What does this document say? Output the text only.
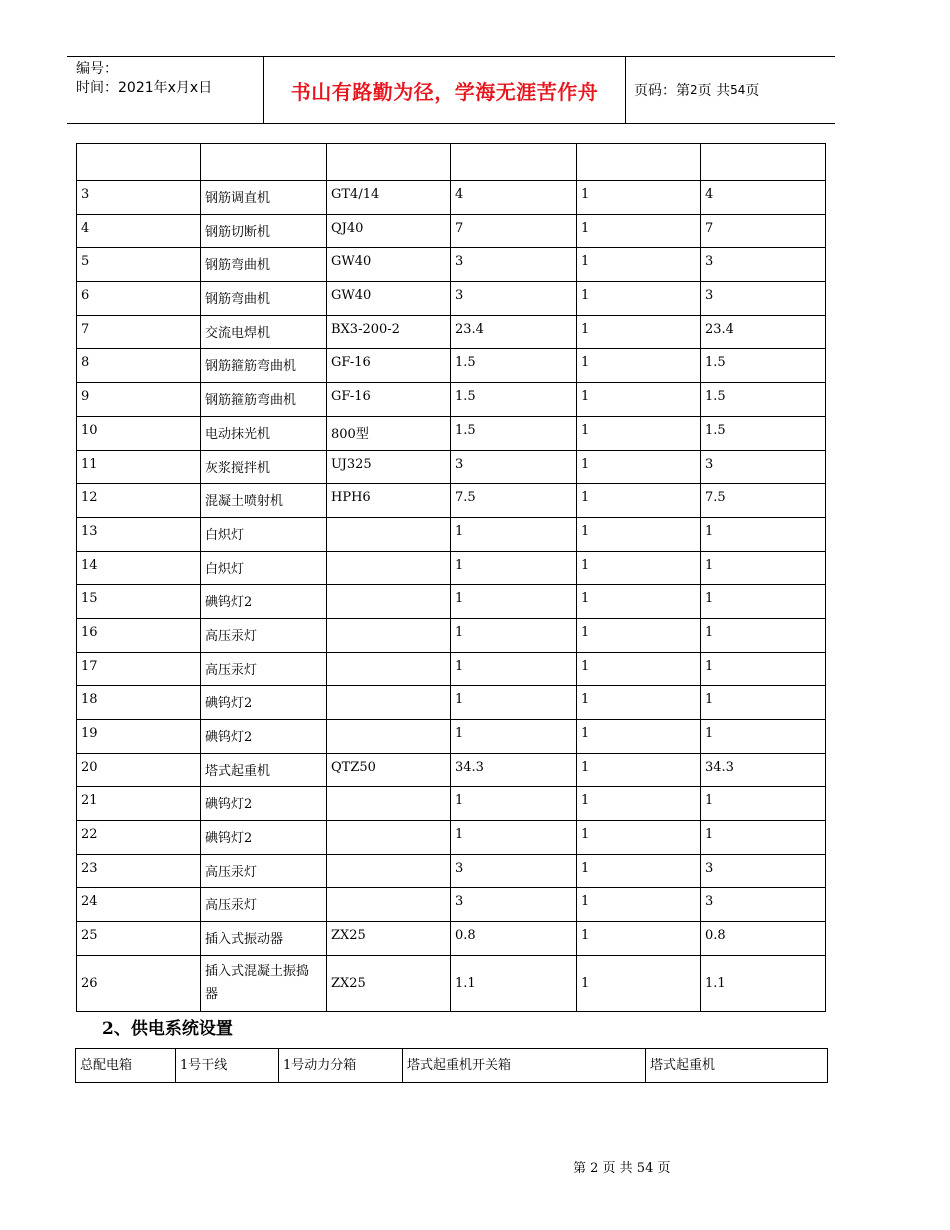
编号：
时间：2021年x月x日	书山有路勤为径，学海无涯苦作舟	页码：第 2 页 共 54 页

3	钢筋调直机	GT4/14	4	1	4
4	钢筋切断机	QJ40	7	1	7
5	钢筋弯曲机	GW40	3	1	3
6	钢筋弯曲机	GW40	3	1	3
7	交流电焊机	BX3-200-2	23.4	1	23.4
8	钢筋箍筋弯曲机	GF-16	1.5	1	1.5
9	钢筋箍筋弯曲机	GF-16	1.5	1	1.5
10	电动抹光机	800型	1.5	1	1.5
11	灰浆搅拌机	UJ325	3	1	3
12	混凝土喷射机	HPH6	7.5	1	7.5
13	白炽灯		1	1	1
14	白炽灯		1	1	1
15	碘钨灯2		1	1	1
16	高压汞灯		1	1	1
17	高压汞灯		1	1	1
18	碘钨灯2		1	1	1
19	碘钨灯2		1	1	1
20	塔式起重机	QTZ50	34.3	1	34.3
21	碘钨灯2		1	1	1
22	碘钨灯2		1	1	1
23	高压汞灯		3	1	3
24	高压汞灯		3	1	3
25	插入式振动器	ZX25	0.8	1	0.8
26	插入式混凝土振捣
器	ZX25	1.1	1	1.1
2、供电系统设置
总配电箱	1号干线	1号动力分箱	塔式起重机开关箱	塔式起重机
第 2 页 共 54 页
